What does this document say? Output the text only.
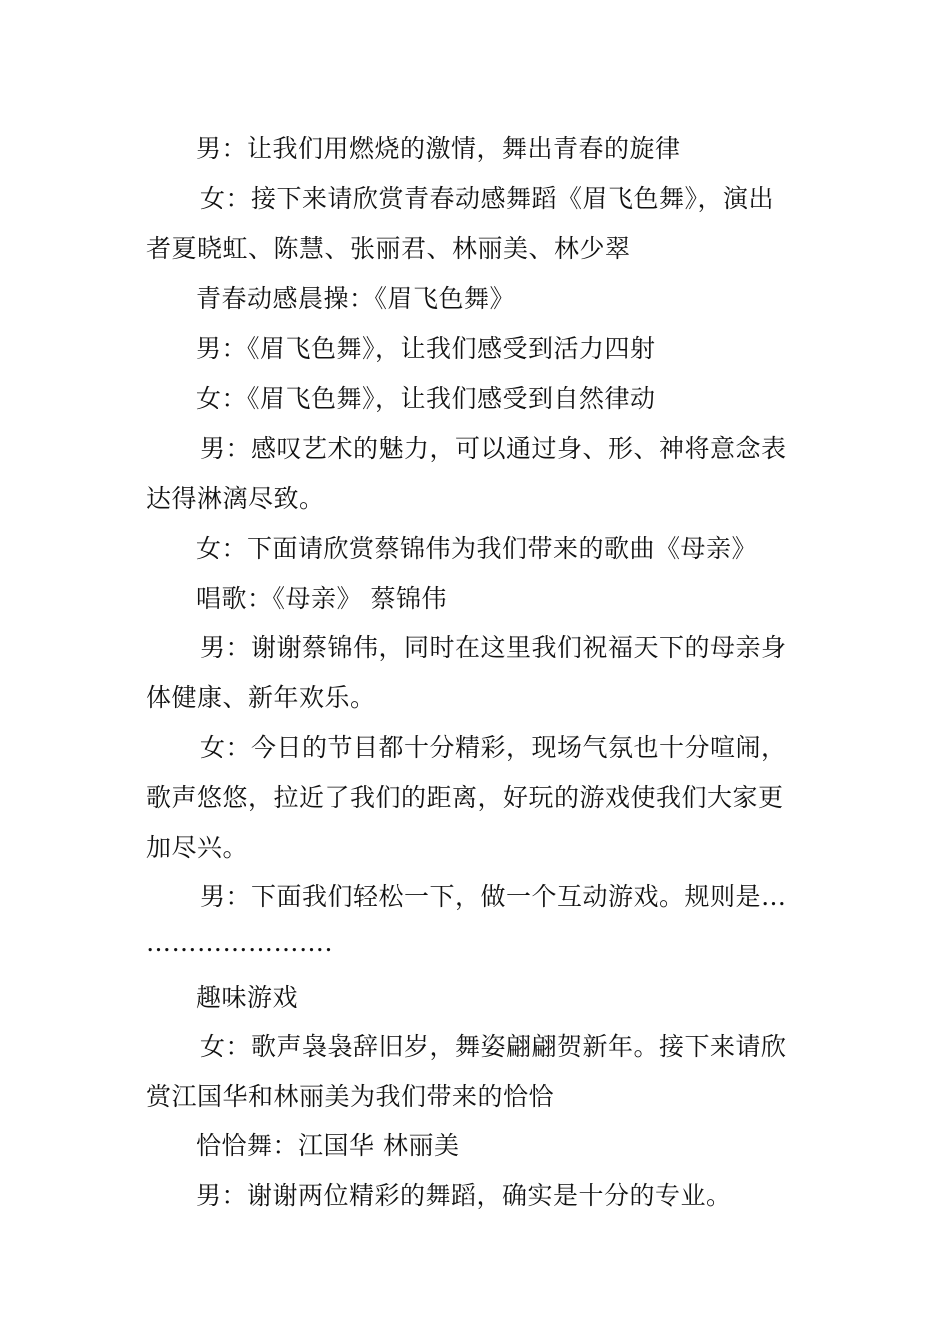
男：让我们用燃烧的激情，舞出青春的旋律
女：接下来请欣赏青春动感舞蹈《眉飞色舞》，演出
者夏晓虹、陈慧、张丽君、林丽美、林少翠
青春动感晨操：《眉飞色舞》
男：《眉飞色舞》，让我们感受到活力四射
女：《眉飞色舞》，让我们感受到自然律动
男：感叹艺术的魅力，可以通过身、形、神将意念表
达得淋漓尽致。
女：下面请欣赏蔡锦伟为我们带来的歌曲《母亲》
唱歌：《母亲》 蔡锦伟
男：谢谢蔡锦伟，同时在这里我们祝福天下的母亲身
体健康、新年欢乐。
女：今日的节目都十分精彩，现场气氛也十分喧闹，
歌声悠悠，拉近了我们的距离，好玩的游戏使我们大家更
加尽兴。
男：下面我们轻松一下，做一个互动游戏。规则是…
………………….
趣味游戏
女：歌声袅袅辞旧岁，舞姿翩翩贺新年。接下来请欣
赏江国华和林丽美为我们带来的恰恰
恰恰舞：江国华 林丽美
男：谢谢两位精彩的舞蹈，确实是十分的专业。
